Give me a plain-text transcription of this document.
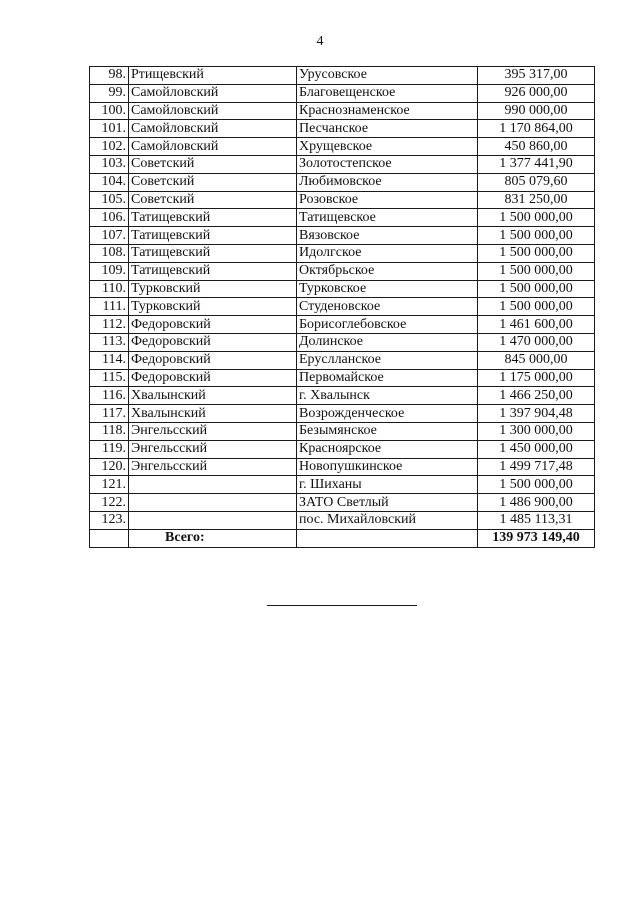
4
98.	Ртищевский	Урусовское	395 317,00
99.	Самойловский	Благовещенское	926 000,00
100.	Самойловский	Краснознаменское	990 000,00
101.	Самойловский	Песчанское	1 170 864,00
102.	Самойловский	Хрущевское	450 860,00
103.	Советский	Золотостепское	1 377 441,90
104.	Советский	Любимовское	805 079,60
105.	Советский	Розовское	831 250,00
106.	Татищевский	Татищевское	1 500 000,00
107.	Татищевский	Вязовское	1 500 000,00
108.	Татищевский	Идолгское	1 500 000,00
109.	Татищевский	Октябрьское	1 500 000,00
110.	Турковский	Турковское	1 500 000,00
111.	Турковский	Студеновское	1 500 000,00
112.	Федоровский	Борисоглебовское	1 461 600,00
113.	Федоровский	Долинское	1 470 000,00
114.	Федоровский	Еруслланское	845 000,00
115.	Федоровский	Первомайское	1 175 000,00
116.	Хвалынский	г. Хвалынск	1 466 250,00
117.	Хвалынский	Возрожденческое	1 397 904,48
118.	Энгельсский	Безымянское	1 300 000,00
119.	Энгельсский	Красноярское	1 450 000,00
120.	Энгельсский	Новопушкинское	1 499 717,48
121.		г. Шиханы	1 500 000,00
122.		ЗАТО Светлый	1 486 900,00
123.		пос. Михайловский	1 485 113,31
	Всего:		139 973 149,40
